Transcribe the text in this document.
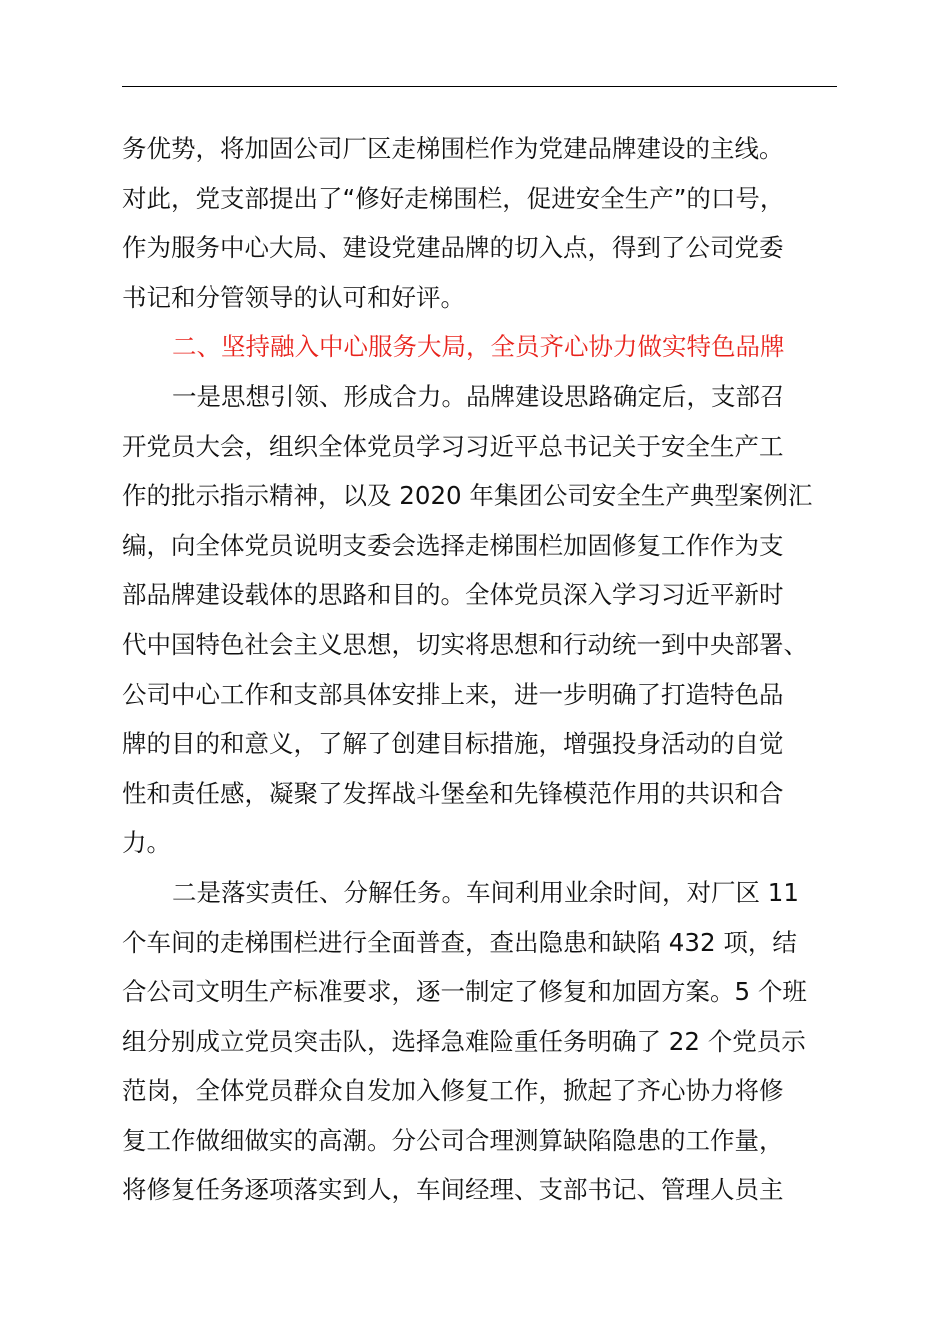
务优势，将加固公司厂区走梯围栏作为党建品牌建设的主线。
对此，党支部提出了“修好走梯围栏，促进安全生产”的口号，
作为服务中心大局、建设党建品牌的切入点，得到了公司党委
书记和分管领导的认可和好评。
二、坚持融入中心服务大局，全员齐心协力做实特色品牌
一是思想引领、形成合力。品牌建设思路确定后，支部召
开党员大会，组织全体党员学习习近平总书记关于安全生产工
作的批示指示精神，以及 2020 年集团公司安全生产典型案例汇
编，向全体党员说明支委会选择走梯围栏加固修复工作作为支
部品牌建设载体的思路和目的。全体党员深入学习习近平新时
代中国特色社会主义思想，切实将思想和行动统一到中央部署、
公司中心工作和支部具体安排上来，进一步明确了打造特色品
牌的目的和意义，了解了创建目标措施，增强投身活动的自觉
性和责任感，凝聚了发挥战斗堡垒和先锋模范作用的共识和合
力。
二是落实责任、分解任务。车间利用业余时间，对厂区 11
个车间的走梯围栏进行全面普查，查出隐患和缺陷 432 项，结
合公司文明生产标准要求，逐一制定了修复和加固方案。5 个班
组分别成立党员突击队，选择急难险重任务明确了 22 个党员示
范岗，全体党员群众自发加入修复工作，掀起了齐心协力将修
复工作做细做实的高潮。分公司合理测算缺陷隐患的工作量，
将修复任务逐项落实到人，车间经理、支部书记、管理人员主
